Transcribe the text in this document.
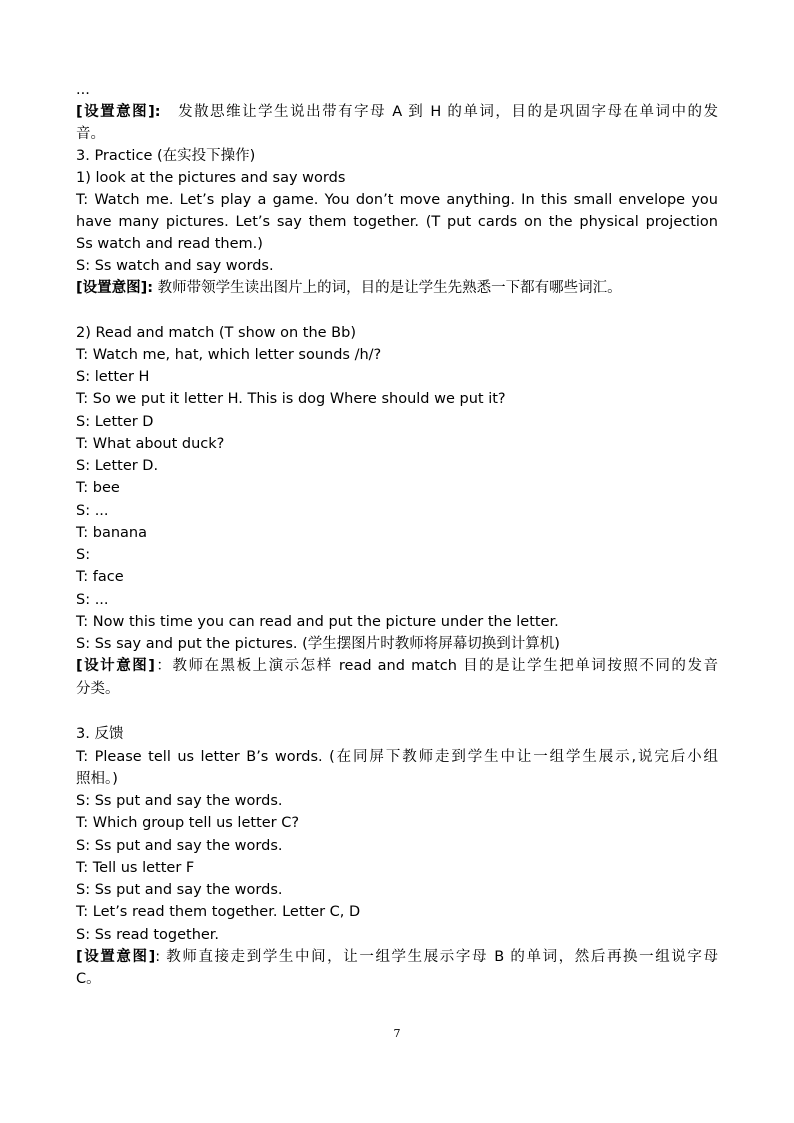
...
[设置意图]:　发散思维让学生说出带有字母 A 到 H 的单词，目的是巩固字母在单词中的发
音。
3. Practice (在实投下操作)
1) look at the pictures and say words
T: Watch me. Let’s play a game. You don’t move anything. In this small envelope you
have many pictures. Let’s say them together. (T put cards on the physical projection
Ss watch and read them.)
S: Ss watch and say words.
[设置意图]: 教师带领学生读出图片上的词，目的是让学生先熟悉一下都有哪些词汇。
2) Read and match (T show on the Bb)
T: Watch me, hat, which letter sounds /h/?
S: letter H
T: So we put it letter H. This is dog Where should we put it?
S: Letter D
T: What about duck?
S: Letter D.
T: bee
S: ...
T: banana
S:
T: face
S: ...
T: Now this time you can read and put the picture under the letter.
S: Ss say and put the pictures. (学生摆图片时教师将屏幕切换到计算机)
[设计意图]：教师在黑板上演示怎样 read and match 目的是让学生把单词按照不同的发音
分类。
3. 反馈
T: Please tell us letter B’s words. (在同屏下教师走到学生中让一组学生展示,说完后小组
照相。)
S: Ss put and say the words.
T: Which group tell us letter C?
S: Ss put and say the words.
T: Tell us letter F
S: Ss put and say the words.
T: Let’s read them together. Letter C, D
S: Ss read together.
[设置意图]: 教师直接走到学生中间，让一组学生展示字母 B 的单词，然后再换一组说字母
C。
7
